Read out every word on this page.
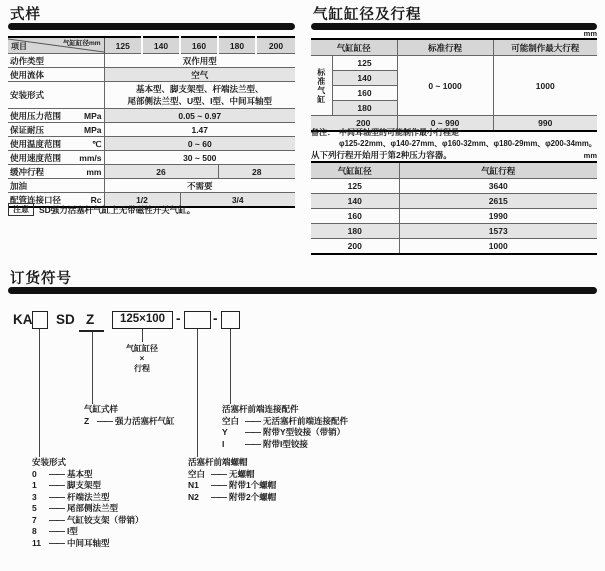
式样
项目 气缸缸径mm	125	140	160	180	200
动作类型	双作用型				
使用流体	空气				
安装形式	基本型、脚支架型、杆端法兰型、
尾部侧法兰型、U型、I型、中间耳轴型				

使用压力范围 MPa	0.05 ~ 0.97				

保证耐压 MPa	1.47				

使用温度范围 ℃	0 ~ 60				

使用速度范围 mm/s	30 ~ 500				

缓冲行程 mm	26			28	
加油	不需要				

配管连接口径 Rc	1/2		3/4		
注意	SD强力活塞杆气缸上无带磁性开关气缸。
气缸缸径及行程
mm
气缸缸径		标准行程	可能制作最大行程
标准气缸	125	0 ~ 1000	1000
	140		
	160		
	180		
200		0 ~ 990	990
备注： 中间耳轴型的可能制作最小行程是
φ125-22mm、φ140-27mm、φ160-32mm、φ180-29mm、φ200-34mm。
从下列行程开始用于第2种压力容器。	mm
气缸缸径	气缸行程
125	3640
140	2615
160	1990
180	1573
200	1000
订货符号
KA SD Z	125×100 - -
气缸缸径
×
行程
气缸式样
Z —— 强力活塞杆气缸
活塞杆前端连接配件
空白 —— 无活塞杆前端连接配件
Y	—— 附带Y型铰接（带销）
I	—— 附带I型铰接
安装形式
0	—— 基本型
1	—— 脚支架型
3	—— 杆端法兰型
5	—— 尾部侧法兰型
7	—— 气缸铰支架（带销）
8	—— I型
11 —— 中间耳轴型
活塞杆前端螺帽
空白 —— 无螺帽
N1	—— 附带1个螺帽
N2	—— 附带2个螺帽
